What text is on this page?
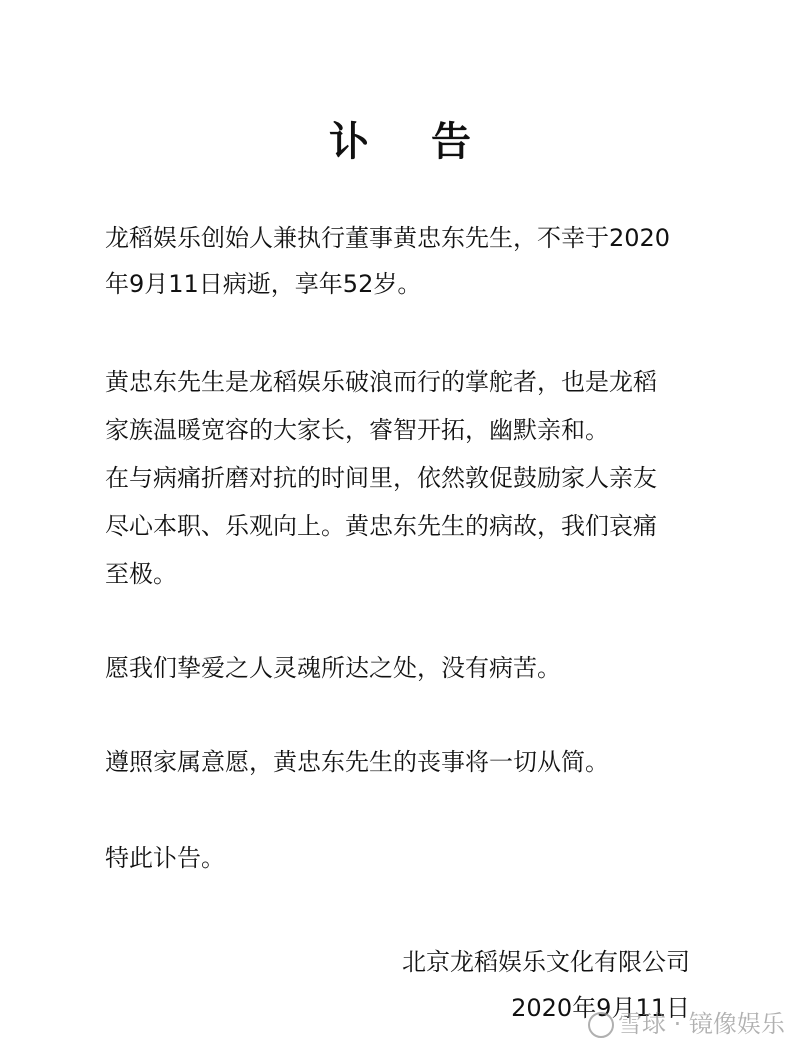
讣 告
龙稻娱乐创始人兼执行董事黄忠东先生，不幸于2020
年9月11日病逝，享年52岁。
黄忠东先生是龙稻娱乐破浪而行的掌舵者，也是龙稻
家族温暖宽容的大家长，睿智开拓，幽默亲和。
在与病痛折磨对抗的时间里，依然敦促鼓励家人亲友
尽心本职、乐观向上。黄忠东先生的病故，我们哀痛
至极。
愿我们挚爱之人灵魂所达之处，没有病苦。
遵照家属意愿，黄忠东先生的丧事将一切从简。
特此讣告。
北京龙稻娱乐文化有限公司
2020年9月11日
雪球 · 镜像娱乐
